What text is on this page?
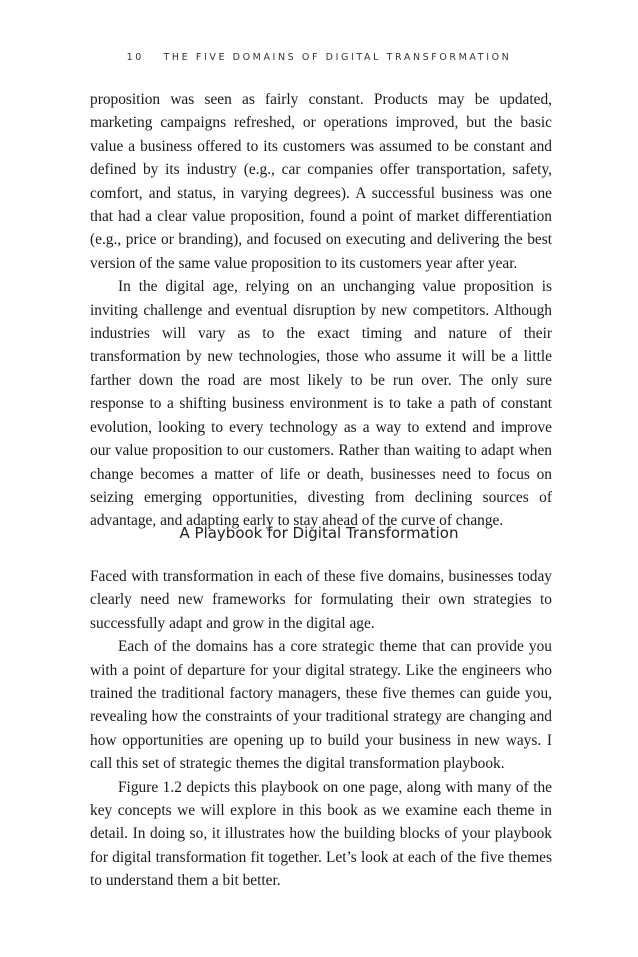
10 THE FIVE DOMAINS OF DIGITAL TRANSFORMATION

proposition was seen as fairly constant. Products may be updated, marketing campaigns refreshed, or operations improved, but the basic value a business offered to its customers was assumed to be constant and defined by its industry (e.g., car companies offer transportation, safety, comfort, and status, in varying degrees). A successful business was one that had a clear value proposition, found a point of market differentiation (e.g., price or branding), and focused on executing and delivering the best version of the same value proposition to its customers year after year.

In the digital age, relying on an unchanging value proposition is inviting challenge and eventual disruption by new competitors. Although industries will vary as to the exact timing and nature of their transformation by new technologies, those who assume it will be a little farther down the road are most likely to be run over. The only sure response to a shifting business environment is to take a path of constant evolution, looking to every technology as a way to extend and improve our value proposition to our customers. Rather than waiting to adapt when change becomes a matter of life or death, businesses need to focus on seizing emerging opportunities, divesting from declining sources of advantage, and adapting early to stay ahead of the curve of change.

A Playbook for Digital Transformation

Faced with transformation in each of these five domains, businesses today clearly need new frameworks for formulating their own strategies to successfully adapt and grow in the digital age.

Each of the domains has a core strategic theme that can provide you with a point of departure for your digital strategy. Like the engineers who trained the traditional factory managers, these five themes can guide you, revealing how the constraints of your traditional strategy are changing and how opportunities are opening up to build your business in new ways. I call this set of strategic themes the digital transformation playbook.

Figure 1.2 depicts this playbook on one page, along with many of the key concepts we will explore in this book as we examine each theme in detail. In doing so, it illustrates how the building blocks of your playbook for digital transformation fit together. Let’s look at each of the five themes to understand them a bit better.
